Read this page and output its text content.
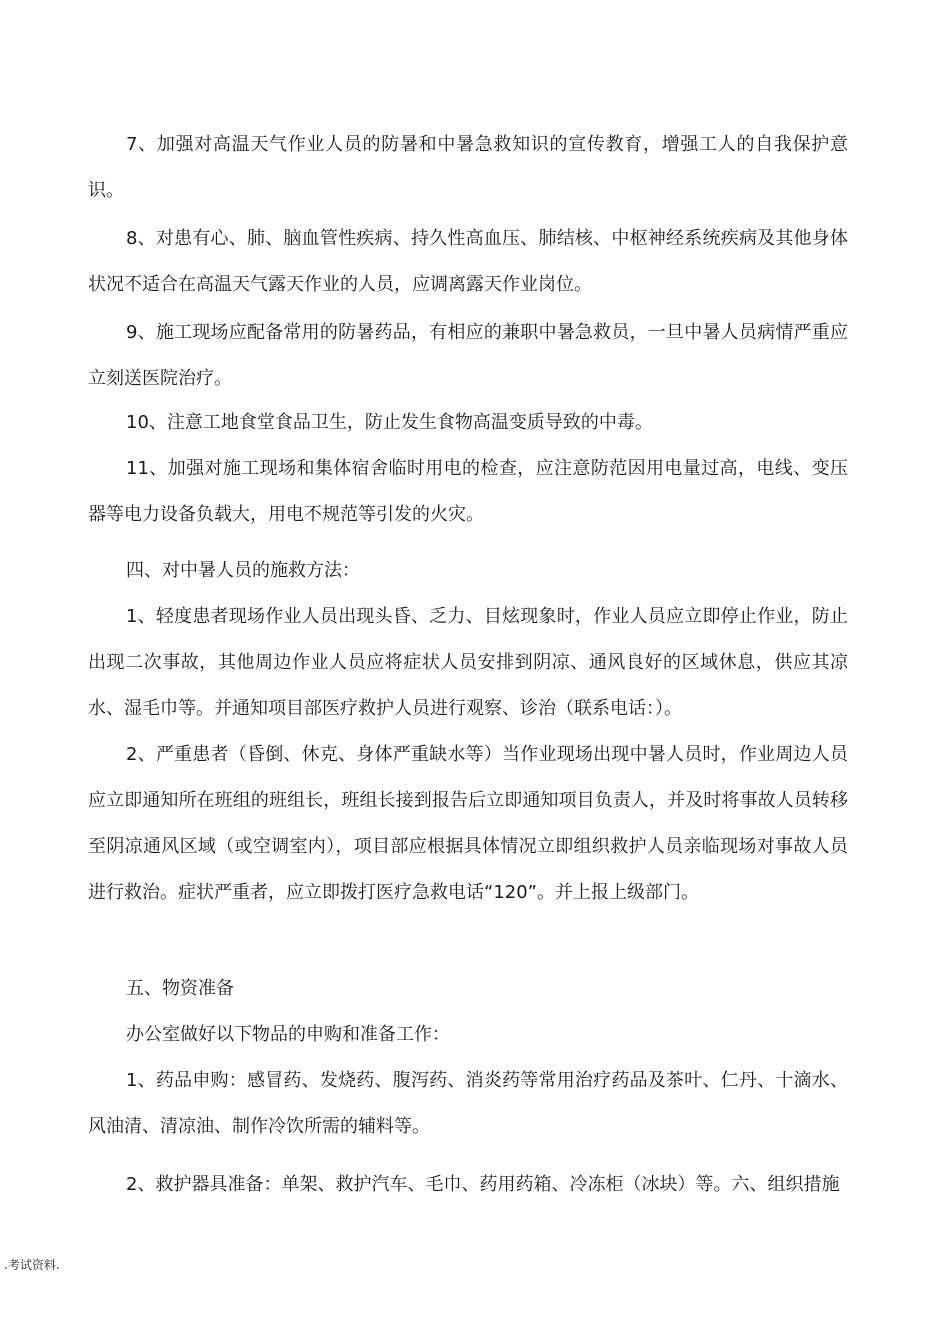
7、加强对高温天气作业人员的防暑和中暑急救知识的宣传教育，增强工人的自我保护意识。

8、对患有心、肺、脑血管性疾病、持久性高血压、肺结核、中枢神经系统疾病及其他身体状况不适合在高温天气露天作业的人员，应调离露天作业岗位。

9、施工现场应配备常用的防暑药品，有相应的兼职中暑急救员，一旦中暑人员病情严重应立刻送医院治疗。

10、注意工地食堂食品卫生，防止发生食物高温变质导致的中毒。

11、加强对施工现场和集体宿舍临时用电的检查，应注意防范因用电量过高，电线、变压器等电力设备负载大，用电不规范等引发的火灾。

四、对中暑人员的施救方法：

1、轻度患者现场作业人员出现头昏、乏力、目炫现象时，作业人员应立即停止作业，防止出现二次事故，其他周边作业人员应将症状人员安排到阴凉、通风良好的区域休息，供应其凉水、湿毛巾等。并通知项目部医疗救护人员进行观察、诊治（联系电话：）。

2、严重患者（昏倒、休克、身体严重缺水等）当作业现场出现中暑人员时，作业周边人员应立即通知所在班组的班组长，班组长接到报告后立即通知项目负责人，并及时将事故人员转移至阴凉通风区域（或空调室内），项目部应根据具体情况立即组织救护人员亲临现场对事故人员进行救治。症状严重者，应立即拨打医疗急救电话“120”。并上报上级部门。

五、物资准备

办公室做好以下物品的申购和准备工作：

1、药品申购：感冒药、发烧药、腹泻药、消炎药等常用治疗药品及茶叶、仁丹、十滴水、风油清、清凉油、制作冷饮所需的辅料等。

2、救护器具准备：单架、救护汽车、毛巾、药用药箱、冷冻柜（冰块）等。六、组织措施

.考试资料.
